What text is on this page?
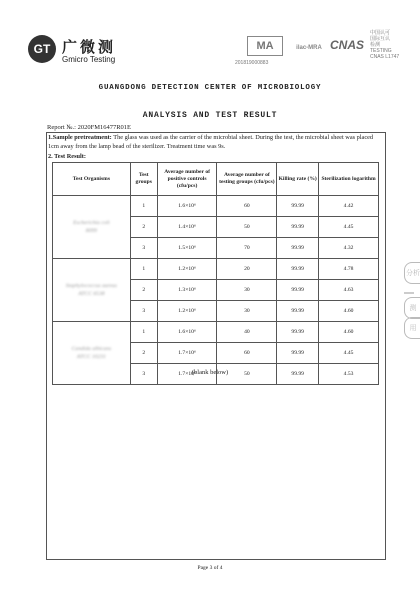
GT 广微测
Gmicro Testing
MA
201819000883
ilac-MRA CNAS
中国认可
国际互认
检测
TESTING
CNAS L1747
GUANGDONG DETECTION CENTER OF MICROBIOLOGY
ANALYSIS AND TEST RESULT
Report №.: 2020FM16477R01E
1.Sample pretreatment: The glass was used as the carrier of the microbial sheet. During the test, the microbial sheet was placed 1cm away from the lamp bead of the sterilizer. Treatment time was 9s.
2. Test Result:
Test Organisms	Test groups	Average number of positive controls (cfu/pcs)	Average number of testing groups (cfu/pcs)	Killing rate (%)	Sterilization logarithm

Escherichia coli
8099	1	1.6×10⁶	60	99.99	4.42
	2	1.4×10⁶	50	99.99	4.45
	3	1.5×10⁶	70	99.99	4.32

Staphylococcus aureus
ATCC 6538	1	1.2×10⁶	20	99.99	4.78
	2	1.3×10⁶	30	99.99	4.63
	3	1.2×10⁶	30	99.99	4.60

Candida albicans
ATCC 10231	1	1.6×10⁶	40	99.99	4.60
	2	1.7×10⁶	60	99.99	4.45
	3	1.7×10⁶	50	99.99	4.53
(blank below)
分析
测
用
Page 3 of 4
